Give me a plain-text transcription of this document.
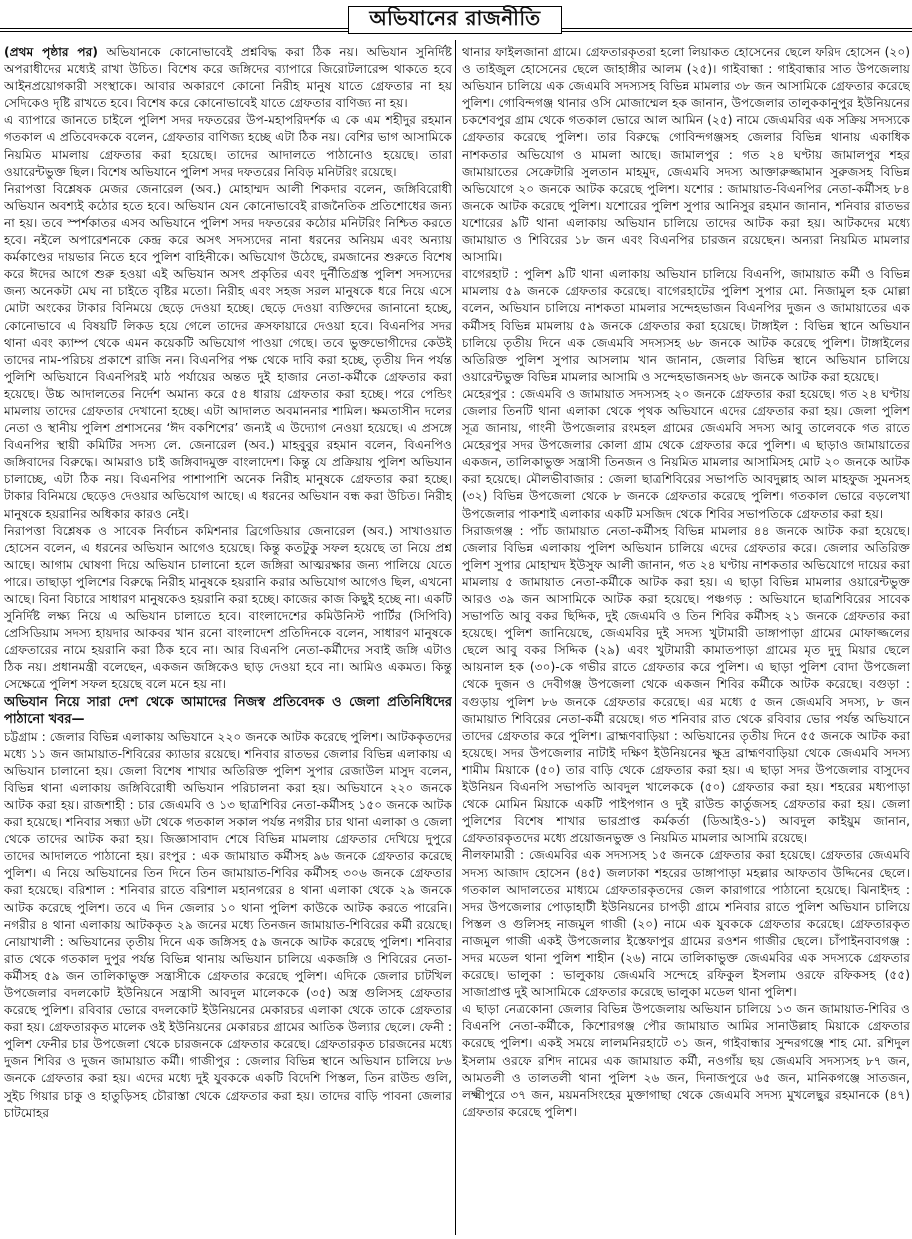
অভিযানের রাজনীতি

(প্রথম পৃষ্ঠার পর) অভিযানকে কোনোভাবেই প্রশ্নবিদ্ধ করা ঠিক নয়। অভিযান সুনির্দিষ্ট অপরাধীদের মধ্যেই রাখা উচিত। বিশেষ করে জঙ্গিদের ব্যাপারে জিরোটলারেন্স থাকতে হবে আইনপ্রয়োগকারী সংস্থাকে। আবার অকারণে কোনো নিরীহ মানুষ যাতে গ্রেফতার না হয় সেদিকেও দৃষ্টি রাখতে হবে। বিশেষ করে কোনোভাবেই যাতে গ্রেফতার বাণিজ্য না হয়।

এ ব্যাপারে জানতে চাইলে পুলিশ সদর দফতরের উপ-মহাপরিদর্শক এ কে এম শহীদুর রহমান গতকাল এ প্রতিবেদককে বলেন, গ্রেফতার বাণিজ্য হচ্ছে এটা ঠিক নয়। বেশির ভাগ আসামিকে নিয়মিত মামলায় গ্রেফতার করা হয়েছে। তাদের আদালতে পাঠানোও হয়েছে। তারা ওয়ারেন্টভুক্ত ছিল। বিশেষ অভিযানে পুলিশ সদর দফতরের নিবিড় মনিটরিং রয়েছে।

নিরাপত্তা বিশ্লেষক মেজর জেনারেল (অব.) মোহাম্মদ আলী শিকদার বলেন, জঙ্গিবিরোধী অভিযান অবশ্যই কঠোর হতে হবে। অভিযান যেন কোনোভাবেই রাজনৈতিক প্রতিশোধের জন্য না হয়। তবে স্পর্শকাতর এসব অভিযানে পুলিশ সদর দফতরের কঠোর মনিটরিং নিশ্চিত করতে হবে। নইলে অপারেশনকে কেন্দ্র করে অসৎ সদস্যদের নানা ধরনের অনিয়ম এবং অন্যায় কর্মকাণ্ডের দায়ভার নিতে হবে পুলিশ বাহিনীকে। অভিযোগ উঠেছে, রমজানের শুরুতে বিশেষ করে ঈদের আগে শুরু হওয়া এই অভিযান অসৎ প্রকৃতির এবং দুর্নীতিগ্রস্ত পুলিশ সদস্যদের জন্য অনেকটা মেঘ না চাইতে বৃষ্টির মতো। নিরীহ এবং সহজ সরল মানুষকে ধরে নিয়ে এসে মোটা অংকের টাকার বিনিময়ে ছেড়ে দেওয়া হচ্ছে। ছেড়ে দেওয়া ব্যক্তিদের জানানো হচ্ছে, কোনোভাবে এ বিষয়টি লিকড হয়ে গেলে তাদের ক্রসফায়ারে দেওয়া হবে। বিএনপির সদর থানা এবং ক্যাম্প থেকে এমন কয়েকটি অভিযোগ পাওয়া গেছে। তবে ভুক্তভোগীদের কেউই তাদের নাম-পরিচয় প্রকাশে রাজি নন। বিএনপির পক্ষ থেকে দাবি করা হচ্ছে, তৃতীয় দিন পর্যন্ত পুলিশি অভিযানে বিএনপিরই মাঠ পর্যায়ের অন্তত দুই হাজার নেতা-কর্মীকে গ্রেফতার করা হয়েছে। উচ্চ আদালতের নির্দেশ অমান্য করে ৫৪ ধারায় গ্রেফতার করা হচ্ছে। পরে পেন্ডিং মামলায় তাদের গ্রেফতার দেখানো হচ্ছে। এটা আদালত অবমাননার শামিল। ক্ষমতাসীন দলের নেতা ও স্থানীয় পুলিশ প্রশাসনের ‘ঈদ বকশিশের’ জন্যই এ উদ্যোগ নেওয়া হয়েছে। এ প্রসঙ্গে বিএনপির স্থায়ী কমিটির সদস্য লে. জেনারেল (অব.) মাহবুবুর রহমান বলেন, বিএনপিও জঙ্গিবাদের বিরুদ্ধে। আমরাও চাই জঙ্গিবাদমুক্ত বাংলাদেশ। কিন্তু যে প্রক্রিয়ায় পুলিশ অভিযান চালাচ্ছে, এটা ঠিক নয়। বিএনপির পাশাপাশি অনেক নিরীহ মানুষকে গ্রেফতার করা হচ্ছে। টাকার বিনিময়ে ছেড়েও দেওয়ার অভিযোগ আছে। এ ধরনের অভিযান বন্ধ করা উচিত। নিরীহ মানুষকে হয়রানির অধিকার কারও নেই।

নিরাপত্তা বিশ্লেষক ও সাবেক নির্বাচন কমিশনার ব্রিগেডিয়ার জেনারেল (অব.) সাখাওয়াত হোসেন বলেন, এ ধরনের অভিযান আগেও হয়েছে। কিন্তু কতটুকু সফল হয়েছে তা নিয়ে প্রশ্ন আছে। আগাম ঘোষণা দিয়ে অভিযান চালানো হলে জঙ্গিরা আত্মরক্ষার জন্য পালিয়ে যেতে পারে। তাছাড়া পুলিশের বিরুদ্ধে নিরীহ মানুষকে হয়রানি করার অভিযোগ আগেও ছিল, এখনো আছে। বিনা বিচারে সাধারণ মানুষকেও হয়রানি করা হচ্ছে। কাজের কাজ কিছুই হচ্ছে না। একটি সুনির্দিষ্ট লক্ষ্য নিয়ে এ অভিযান চালাতে হবে। বাংলাদেশের কমিউনিস্ট পার্টির (সিপিবি) প্রেসিডিয়াম সদস্য হায়দার আকবর খান রনো বাংলাদেশ প্রতিদিনকে বলেন, সাধারণ মানুষকে গ্রেফতারের নামে হয়রানি করা ঠিক হবে না। আর বিএনপি নেতা-কর্মীদের সবাই জঙ্গি এটাও ঠিক নয়। প্রধানমন্ত্রী বলেছেন, একজন জঙ্গিকেও ছাড় দেওয়া হবে না। আমিও একমত। কিন্তু সেক্ষেত্রে পুলিশ সফল হয়েছে বলে মনে হয় না।

অভিযান নিয়ে সারা দেশ থেকে আমাদের নিজস্ব প্রতিবেদক ও জেলা প্রতিনিধিদের পাঠানো খবর—

চট্টগ্রাম : জেলার বিভিন্ন এলাকায় অভিযানে ২২০ জনকে আটক করেছে পুলিশ। আটককৃতদের মধ্যে ১১ জন জামায়াত-শিবিরের ক্যাডার রয়েছে। শনিবার রাতভর জেলার বিভিন্ন এলাকায় এ অভিযান চালানো হয়। জেলা বিশেষ শাখার অতিরিক্ত পুলিশ সুপার রেজাউল মাসুদ বলেন, বিভিন্ন থানা এলাকায় জঙ্গিবিরোধী অভিযান পরিচালনা করা হয়। অভিযানে ২২০ জনকে আটক করা হয়। রাজশাহী : চার জেএমবি ও ১৩ ছাত্রশিবির নেতা-কর্মীসহ ১৫০ জনকে আটক করা হয়েছে। শনিবার সন্ধ্যা ৬টা থেকে গতকাল সকাল পর্যন্ত নগরীর চার থানা এলাকা ও জেলা থেকে তাদের আটক করা হয়। জিজ্ঞাসাবাদ শেষে বিভিন্ন মামলায় গ্রেফতার দেখিয়ে দুপুরে তাদের আদালতে পাঠানো হয়। রংপুর : এক জামায়াত কর্মীসহ ৯৬ জনকে গ্রেফতার করেছে পুলিশ। এ নিয়ে অভিযানের তিন দিনে তিন জামায়াত-শিবির কর্মীসহ ৩০৬ জনকে গ্রেফতার করা হয়েছে। বরিশাল : শনিবার রাতে বরিশাল মহানগরের ৪ থানা এলাকা থেকে ২৯ জনকে আটক করেছে পুলিশ। তবে এ দিন জেলার ১০ থানা পুলিশ কাউকে আটক করতে পারেনি। নগরীর ৪ থানা এলাকায় আটককৃত ২৯ জনের মধ্যে তিনজন জামায়াত-শিবিরের কর্মী রয়েছে। নোয়াখালী : অভিযানের তৃতীয় দিনে এক জঙ্গিসহ ৫৯ জনকে আটক করেছে পুলিশ। শনিবার রাত থেকে গতকাল দুপুর পর্যন্ত বিভিন্ন থানায় অভিযান চালিয়ে একজঙ্গি ও শিবিরের নেতা-কর্মীসহ ৫৯ জন তালিকাভুক্ত সন্ত্রাসীকে গ্রেফতার করেছে পুলিশ। এদিকে জেলার চাটখিল উপজেলার বদলকোট ইউনিয়নে সন্ত্রাসী আবদুল মালেককে (৩৫) অস্ত্র গুলিসহ গ্রেফতার করেছে পুলিশ। রবিবার ভোরে বদলকোট ইউনিয়নের মেকারচর এলাকা থেকে তাকে গ্রেফতার করা হয়। গ্রেফতারকৃত মালেক ওই ইউনিয়নের মেকারচর গ্রামের আতিক উল্যার ছেলে। ফেনী : পুলিশ ফেনীর চার উপজেলা থেকে চারজনকে গ্রেফতার করেছে। গ্রেফতারকৃত চারজনের মধ্যে দুজন শিবির ও দুজন জামায়াত কর্মী। গাজীপুর : জেলার বিভিন্ন স্থানে অভিযান চালিয়ে ৮৬ জনকে গ্রেফতার করা হয়। এদের মধ্যে দুই যুবককে একটি বিদেশি পিস্তল, তিন রাউন্ড গুলি, সুইচ গিয়ার চাকু ও হাতুড়িসহ চৌরাস্তা থেকে গ্রেফতার করা হয়। তাদের বাড়ি পাবনা জেলার চাটমোহর

থানার ফাইলজানা গ্রামে। গ্রেফতারকৃতরা হলো লিয়াকত হোসেনের ছেলে ফরিদ হোসেন (২০) ও তাইজুল হোসেনের ছেলে জাহাঙ্গীর আলম (২৫)। গাইবান্ধা : গাইবান্ধার সাত উপজেলায় অভিযান চালিয়ে এক জেএমবি সদস্যসহ বিভিন্ন মামলার ৩৮ জন আসামিকে গ্রেফতার করেছে পুলিশ। গোবিন্দগঞ্জ থানার ওসি মোজাম্মেল হক জানান, উপজেলার তালুককানুপুর ইউনিয়নের চকশেবপুর গ্রাম থেকে গতকাল ভোরে আল আমিন (২৫) নামে জেএমবির এক সক্রিয় সদস্যকে গ্রেফতার করেছে পুলিশ। তার বিরুদ্ধে গোবিন্দগঞ্জসহ জেলার বিভিন্ন থানায় একাধিক নাশকতার অভিযোগ ও মামলা আছে। জামালপুর : গত ২৪ ঘণ্টায় জামালপুর শহর জামায়াতের সেক্রেটারি সুলতান মাহমুদ, জেএমবি সদস্য আক্তারুজ্জামান সুরুজসহ বিভিন্ন অভিযোগে ২০ জনকে আটক করেছে পুলিশ। যশোর : জামায়াত-বিএনপির নেতা-কর্মীসহ ৮৪ জনকে আটক করেছে পুলিশ। যশোরের পুলিশ সুপার আনিসুর রহমান জানান, শনিবার রাতভর যশোরের ৯টি থানা এলাকায় অভিযান চালিয়ে তাদের আটক করা হয়। আটকদের মধ্যে জামায়াত ও শিবিরের ১৮ জন এবং বিএনপির চারজন রয়েছেন। অন্যরা নিয়মিত মামলার আসামি।

বাগেরহাট : পুলিশ ৯টি থানা এলাকায় অভিযান চালিয়ে বিএনপি, জামায়াত কর্মী ও বিভিন্ন মামলায় ৫৯ জনকে গ্রেফতার করেছে। বাগেরহাটের পুলিশ সুপার মো. নিজামুল হক মোল্লা বলেন, অভিযান চালিয়ে নাশকতা মামলার সন্দেহভাজন বিএনপির দুজন ও জামায়াতের এক কর্মীসহ বিভিন্ন মামলায় ৫৯ জনকে গ্রেফতার করা হয়েছে। টাঙ্গাইল : বিভিন্ন স্থানে অভিযান চালিয়ে তৃতীয় দিনে এক জেএমবি সদস্যসহ ৬৮ জনকে আটক করেছে পুলিশ। টাঙ্গাইলের অতিরিক্ত পুলিশ সুপার আসলাম খান জানান, জেলার বিভিন্ন স্থানে অভিযান চালিয়ে ওয়ারেন্টভুক্ত বিভিন্ন মামলার আসামি ও সন্দেহভাজনসহ ৬৮ জনকে আটক করা হয়েছে।

মেহেরপুর : জেএমবি ও জামায়াত সদস্যসহ ২০ জনকে গ্রেফতার করা হয়েছে। গত ২৪ ঘণ্টায় জেলার তিনটি থানা এলাকা থেকে পৃথক অভিযানে এদের গ্রেফতার করা হয়। জেলা পুলিশ সূত্র জানায়, গাংনী উপজেলার রংমহল গ্রামের জেএমবি সদস্য আবু তালেবকে গত রাতে মেহেরপুর সদর উপজেলার কোলা গ্রাম থেকে গ্রেফতার করে পুলিশ। এ ছাড়াও জামায়াতের একজন, তালিকাভুক্ত সন্ত্রাসী তিনজন ও নিয়মিত মামলার আসামিসহ মোট ২০ জনকে আটক করা হয়েছে। মৌলভীবাজার : জেলা ছাত্রশিবিরের সভাপতি আবদুল্লাহ আল মাহফুজ সুমনসহ (৩২) বিভিন্ন উপজেলা থেকে ৮ জনকে গ্রেফতার করেছে পুলিশ। গতকাল ভোরে বড়লেখা উপজেলার পাকশাই এলাকার একটি মসজিদ থেকে শিবির সভাপতিকে গ্রেফতার করা হয়।

সিরাজগঞ্জ : পাঁচ জামায়াত নেতা-কর্মীসহ বিভিন্ন মামলার ৪৪ জনকে আটক করা হয়েছে। জেলার বিভিন্ন এলাকায় পুলিশ অভিযান চালিয়ে এদের গ্রেফতার করে। জেলার অতিরিক্ত পুলিশ সুপার মোহাম্মদ ইউসুফ আলী জানান, গত ২৪ ঘণ্টায় নাশকতার অভিযোগে দায়ের করা মামলায় ৫ জামায়াত নেতা-কর্মীকে আটক করা হয়। এ ছাড়া বিভিন্ন মামলার ওয়ারেন্টভুক্ত আরও ৩৯ জন আসামিকে আটক করা হয়েছে। পঞ্চগড় : অভিযানে ছাত্রশিবিরের সাবেক সভাপতি আবু বকর ছিদ্দিক, দুই জেএমবি ও তিন শিবির কর্মীসহ ২১ জনকে গ্রেফতার করা হয়েছে। পুলিশ জানিয়েছে, জেএমবির দুই সদস্য খুটামারী ডাঙ্গাপাড়া গ্রামের মোফাজ্জলের ছেলে আবু বকর সিদ্দিক (২৯) এবং খুটামারী কামাতপাড়া গ্রামের মৃত দুদু মিয়ার ছেলে আয়নাল হক (৩০)-কে গভীর রাতে গ্রেফতার করে পুলিশ। এ ছাড়া পুলিশ বোদা উপজেলা থেকে দুজন ও দেবীগঞ্জ উপজেলা থেকে একজন শিবির কর্মীকে আটক করেছে। বগুড়া : বগুড়ায় পুলিশ ৮৬ জনকে গ্রেফতার করেছে। এর মধ্যে ৫ জন জেএমবি সদস্য, ৮ জন জামায়াত শিবিরের নেতা-কর্মী রয়েছে। গত শনিবার রাত থেকে রবিবার ভোর পর্যন্ত অভিযানে তাদের গ্রেফতার করে পুলিশ। ব্রাহ্মণবাড়িয়া : অভিযানের তৃতীয় দিনে ৫৫ জনকে আটক করা হয়েছে। সদর উপজেলার নাটাই দক্ষিণ ইউনিয়নের ক্ষুদ্র ব্রাহ্মণবাড়িয়া থেকে জেএমবি সদস্য শামীম মিয়াকে (৫০) তার বাড়ি থেকে গ্রেফতার করা হয়। এ ছাড়া সদর উপজেলার বাসুদেব ইউনিয়ন বিএনপি সভাপতি আবদুল খালেককে (৫০) গ্রেফতার করা হয়। শহরের মধ্যপাড়া থেকে মোমিন মিয়াকে একটি পাইপগান ও দুই রাউন্ড কার্তুজসহ গ্রেফতার করা হয়। জেলা পুলিশের বিশেষ শাখার ভারপ্রাপ্ত কর্মকর্তা (ডিআইও-১) আবদুল কাইয়ুম জানান, গ্রেফতারকৃতদের মধ্যে প্রয়োজনভুক্ত ও নিয়মিত মামলার আসামি রয়েছে।

নীলফামারী : জেএমবির এক সদস্যসহ ১৫ জনকে গ্রেফতার করা হয়েছে। গ্রেফতার জেএমবি সদস্য আজাদ হোসেন (৪৫) জলঢাকা শহরের ডাঙ্গাপাড়া মহল্লার আফতাব উদ্দিনের ছেলে। গতকাল আদালতের মাধ্যমে গ্রেফতারকৃতদের জেল কারাগারে পাঠানো হয়েছে। ঝিনাইদহ : সদর উপজেলার পোড়াহাটী ইউনিয়নের চাপড়ী গ্রামে শনিবার রাতে পুলিশ অভিযান চালিয়ে পিস্তল ও গুলিসহ নাজমুল গাজী (২০) নামে এক যুবককে গ্রেফতার করেছে। গ্রেফতারকৃত নাজমুল গাজী একই উপজেলার ইস্তেফাপুর গ্রামের রওশন গাজীর ছেলে। চাঁপাইনবাবগঞ্জ : সদর মডেল থানা পুলিশ শাহীন (২৬) নামে তালিকাভুক্ত জেএমবির এক সদস্যকে গ্রেফতার করেছে। ভালুকা : ভালুকায় জেএমবি সন্দেহে রফিকুল ইসলাম ওরফে রফিকসহ (৫৫) সাজাপ্রাপ্ত দুই আসামিকে গ্রেফতার করেছে ভালুকা মডেল থানা পুলিশ।

এ ছাড়া নেত্রকোনা জেলার বিভিন্ন উপজেলায় অভিযান চালিয়ে ১৩ জন জামায়াত-শিবির ও বিএনপি নেতা-কর্মীকে, কিশোরগঞ্জ পৌর জামায়াত আমির সানাউল্লাহ মিয়াকে গ্রেফতার করেছে পুলিশ। একই সময়ে লালমনিরহাটে ৩১ জন, গাইবান্ধার সুন্দরগঞ্জে শাহ মো. রশিদুল ইসলাম ওরফে রশিদ নামের এক জামায়াত কর্মী, নওগাঁয় ছয় জেএমবি সদস্যসহ ৮৭ জন, আমতলী ও তালতলী থানা পুলিশ ২৬ জন, দিনাজপুরে ৬৫ জন, মানিকগঞ্জে সাতজন, লক্ষ্মীপুরে ৩৭ জন, ময়মনসিংহের মুক্তাগাছা থেকে জেএমবি সদস্য মুখলেছুর রহমানকে (৪৭) গ্রেফতার করেছে পুলিশ।
